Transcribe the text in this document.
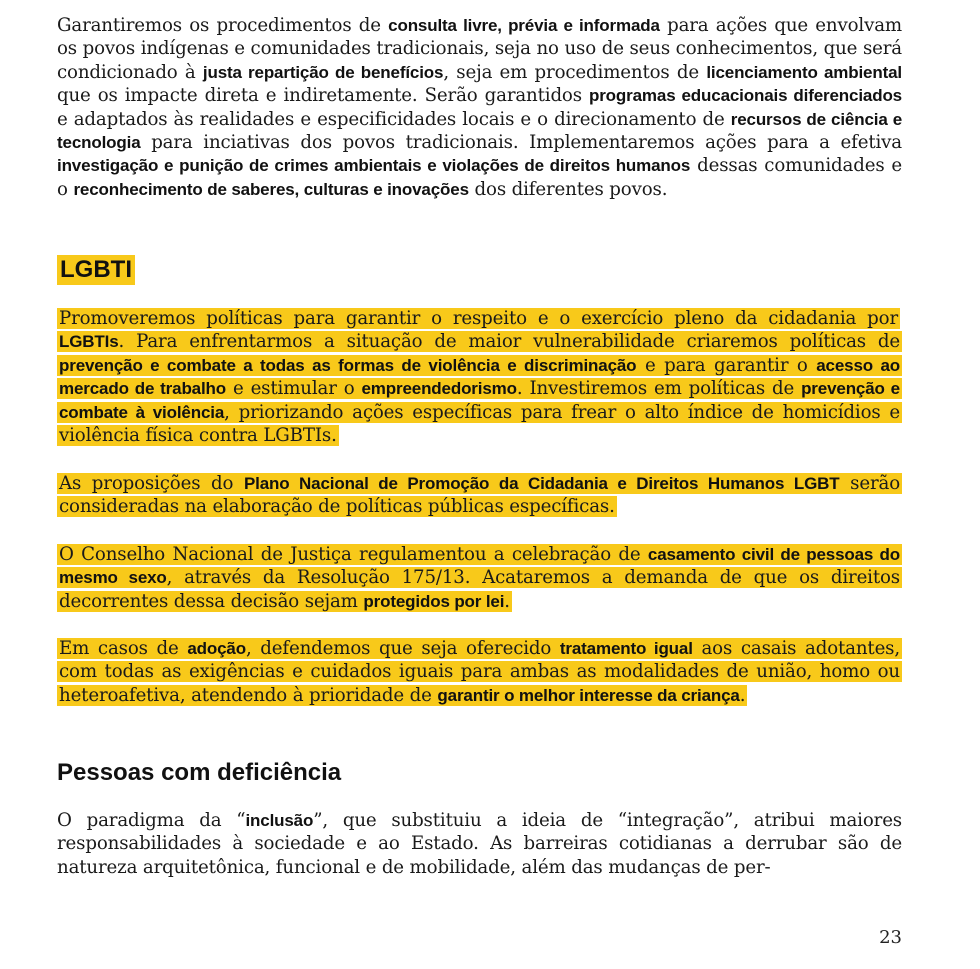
Garantiremos os procedimentos de consulta livre, prévia e informada para ações que envolvam os povos indígenas e comunidades tradicionais, seja no uso de seus conhecimentos, que será condicionado à justa repartição de benefícios, seja em procedimentos de licenciamento ambiental que os impacte direta e indiretamente. Serão garantidos programas educacionais diferenciados e adaptados às realidades e especificidades locais e o direcionamento de recursos de ciência e tecnologia para inciativas dos povos tradicionais. Implementaremos ações para a efetiva investigação e punição de crimes ambientais e violações de direitos humanos dessas comunidades e o reconhecimento de saberes, culturas e inovações dos diferentes povos.

LGBTI

Promoveremos políticas para garantir o respeito e o exercício pleno da cidadania por LGBTIs. Para enfrentarmos a situação de maior vulnerabilidade criaremos políticas de prevenção e combate a todas as formas de violência e discriminação e para garantir o acesso ao mercado de trabalho e estimular o empreendedorismo. Investiremos em políticas de prevenção e combate à violência, priorizando ações específicas para frear o alto índice de homicídios e violência física contra LGBTIs.

As proposições do Plano Nacional de Promoção da Cidadania e Direitos Humanos LGBT serão consideradas na elaboração de políticas públicas específicas.

O Conselho Nacional de Justiça regulamentou a celebração de casamento civil de pessoas do mesmo sexo, através da Resolução 175/13. Acataremos a demanda de que os direitos decorrentes dessa decisão sejam protegidos por lei.

Em casos de adoção, defendemos que seja oferecido tratamento igual aos casais adotantes, com todas as exigências e cuidados iguais para ambas as modalidades de união, homo ou heteroafetiva, atendendo à prioridade de garantir o melhor interesse da criança.

Pessoas com deficiência

O paradigma da “inclusão”, que substituiu a ideia de “integração”, atribui maiores responsabilidades à sociedade e ao Estado. As barreiras cotidianas a derrubar são de natureza arquitetônica, funcional e de mobilidade, além das mudanças de per-

23
